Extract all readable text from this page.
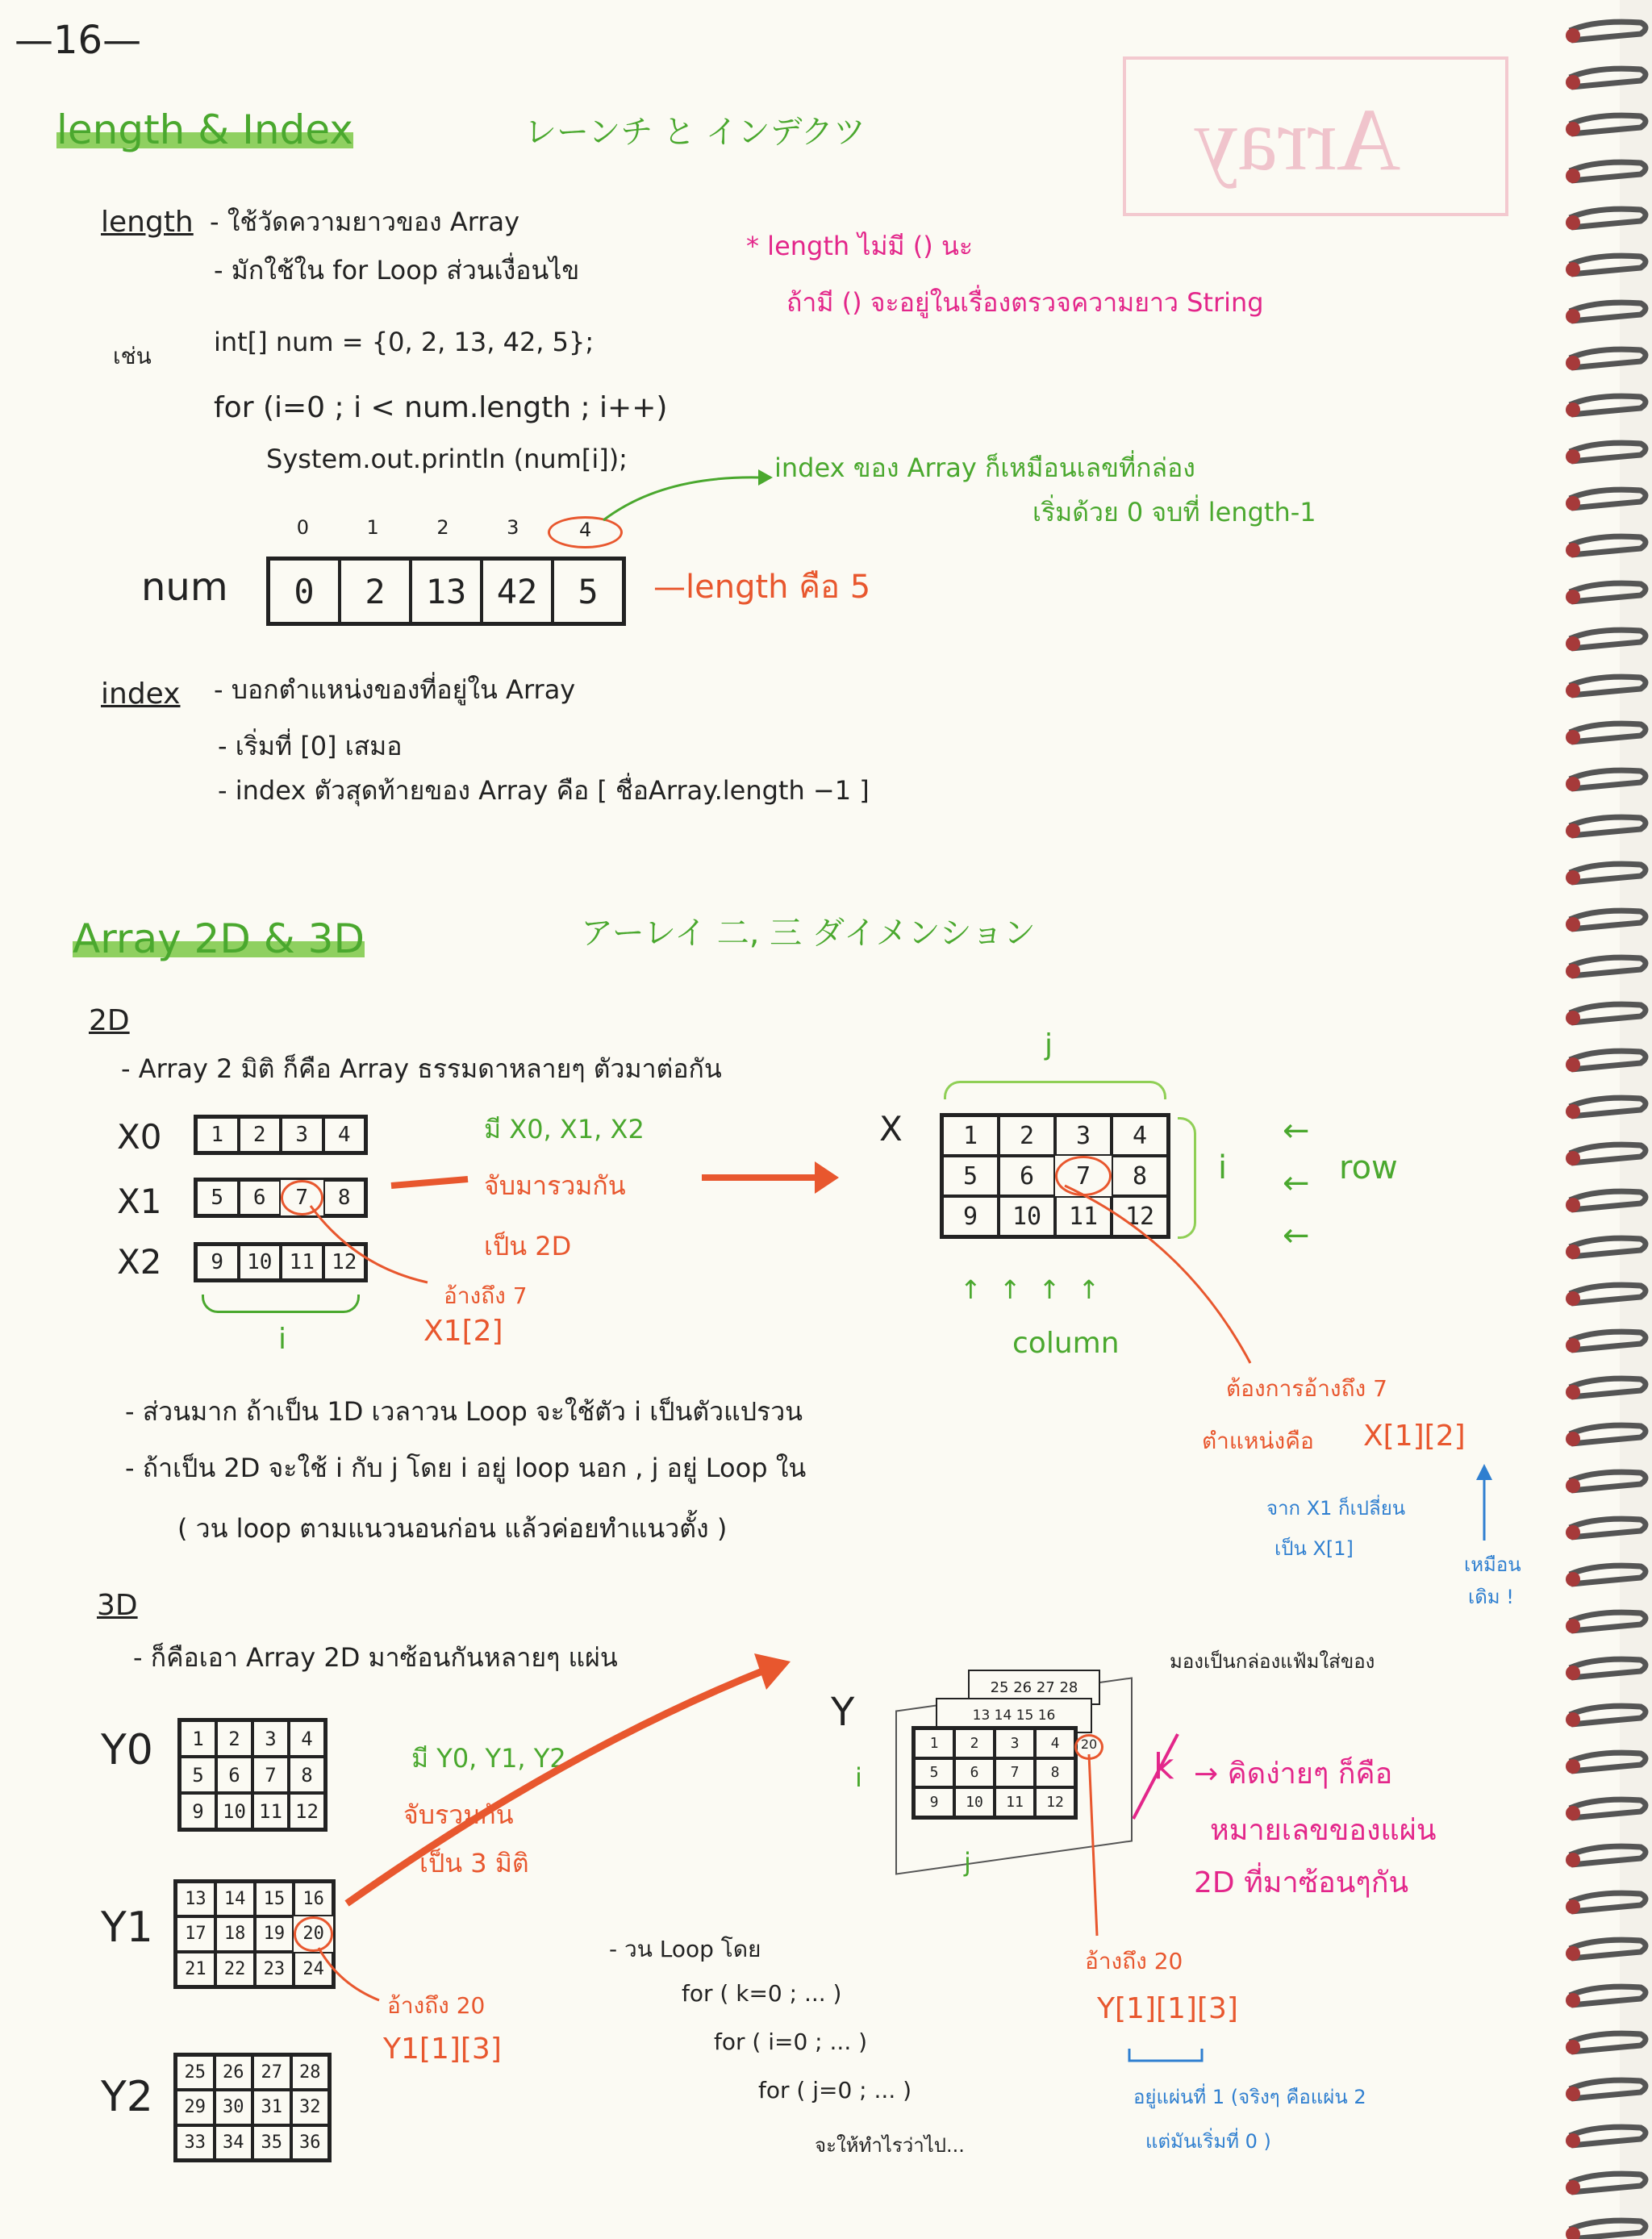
Array
—16—
length & Index	レーンチ と インデクツ
length - ใช้วัดความยาวของ Array
- มักใช้ใน for Loop ส่วนเงื่อนไข
* length ไม่มี () นะ
ถ้ามี () จะอยู่ในเรื่องตรวจความยาว String
เช่น int[] num = {0, 2, 13, 42, 5};
for (i=0 ; i < num.length ; i++)
System.out.println (num[i]);	index ของ Array ก็เหมือนเลขที่กล่อง
เริ่มด้วย 0 จบที่ length-1
num
0	1	2	3	4
0	2	13 42	5	—length คือ 5
index - บอกตำแหน่งของที่อยู่ใน Array
- เริ่มที่ [0] เสมอ
- index ตัวสุดท้ายของ Array คือ [ ชื่อArray.length −1 ]
Array 2D & 3D	アーレイ 二, 三 ダイメンション
2D
- Array 2 มิติ ก็คือ Array ธรรมดาหลายๆ ตัวมาต่อกัน
X0	1	2	3	4
X1	5	6	7	8
X2	9	10 11 12
i
มี X0, X1, X2
จับมารวมกัน
เป็น 2D
อ้างถึง 7
X1[2]
X
j
1	2	3	4
5	6	7	8
9	10	11	12
i	row
column
↑↑↑↑
←
←
←
ต้องการอ้างถึง 7
ตำแหน่งคือ X[1][2]
จาก X1 ก็เปลี่ยน
เป็น X[1]
เหมือน
เดิม !
- ส่วนมาก ถ้าเป็น 1D เวลาวน Loop จะใช้ตัว i เป็นตัวแปรวน
- ถ้าเป็น 2D จะใช้ i กับ j โดย i อยู่ loop นอก , j อยู่ Loop ใน
( วน loop ตามแนวนอนก่อน แล้วค่อยทำแนวตั้ง )
3D
- ก็คือเอา Array 2D มาซ้อนกันหลายๆ แผ่น	มองเป็นกล่องแฟ้มใส่ของ
Y0	1	2	3	4
5	6	7	8
9 10 11 12
Y1
13	14	15	16
17	18	19	20
21	22	23	24
Y2
25 26 27 28
29 30 31 32
33 34 35 36
มี Y0, Y1, Y2
จับรวมกัน
เป็น 3 มิติ
อ้างถึง 20
Y1[1][3]
Y
25 26 27 28
13 14 15 16
1	2	3	4
5	6	7	8
9	10	11	12
20
i
j
k → คิดง่ายๆ ก็คือ
หมายเลขของแผ่น
2D ที่มาซ้อนๆกัน
- วน Loop โดย
for ( k=0 ; ... )
for ( i=0 ; ... )
for ( j=0 ; ... )
จะให้ทำไรว่าไป...
อ้างถึง 20
Y[1][1][3]
อยู่แผ่นที่ 1 (จริงๆ คือแผ่น 2
แต่มันเริ่มที่ 0 )
